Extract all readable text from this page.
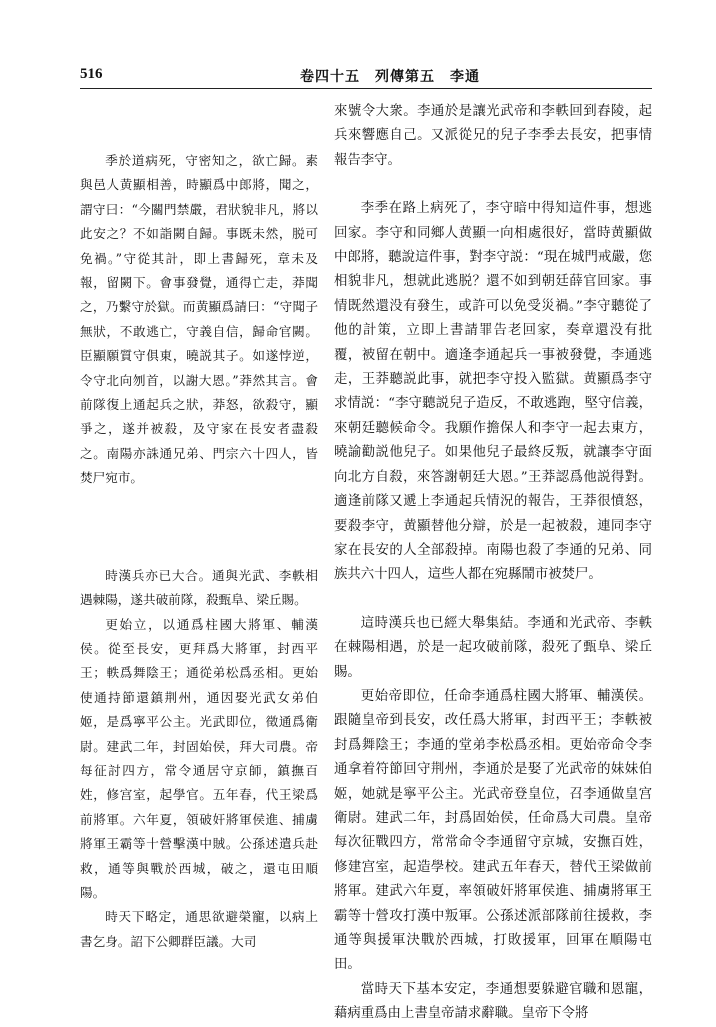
516	卷四十五　列傳第五　李通

季於道病死，守密知之，欲亡歸。素與邑人黄顯相善，時顯爲中郎將，聞之，謂守曰：“今關門禁嚴，君狀貌非凡，將以此安之？不如詣闕自歸。事既未然，脱可免禍。”守從其計，即上書歸死，章未及報，留闕下。會事發覺，通得亡走，莽聞之，乃繫守於獄。而黄顯爲請曰：“守聞子無狀，不敢逃亡，守義自信，歸命官闕。臣顯願質守俱東，曉説其子。如遂悖逆，令守北向刎首，以謝大恩。”莽然其言。會前隊復上通起兵之狀，莽怒，欲殺守，顯爭之，遂并被殺，及守家在長安者盡殺之。南陽亦誅通兄弟、門宗六十四人，皆焚尸宛市。

時漢兵亦已大合。通與光武、李軼相遇棘陽，遂共破前隊，殺甄阜、梁丘賜。

更始立，以通爲柱國大將軍、輔漢侯。從至長安，更拜爲大將軍，封西平王；軼爲舞陰王；通從弟松爲丞相。更始使通持節還鎮荆州，通因娶光武女弟伯姬，是爲寧平公主。光武即位，徵通爲衛尉。建武二年，封固始侯，拜大司農。帝每征討四方，常令通居守京師，鎮撫百姓，修宫室，起學官。五年春，代王梁爲前將軍。六年夏，領破奸將軍侯進、捕虜將軍王霸等十營擊漢中賊。公孫述遣兵赴救，通等與戰於西城，破之，還屯田順陽。

時天下略定，通思欲避榮寵，以病上書乞身。詔下公卿群臣議。大司

來號令大衆。李通於是讓光武帝和李軼回到舂陵，起兵來響應自己。又派從兄的兒子李季去長安，把事情報告李守。

李季在路上病死了，李守暗中得知這件事，想逃回家。李守和同鄉人黄顯一向相處很好，當時黄顯做中郎將，聽說這件事，對李守説：“現在城門戒嚴，您相貌非凡，想就此逃脱？還不如到朝廷薛官回家。事情既然還没有發生，或許可以免受災禍。”李守聽從了他的計策，立即上書請罪告老回家，奏章還没有批覆，被留在朝中。適逢李通起兵一事被發覺，李通逃走，王莽聽説此事，就把李守投入監獄。黄顯爲李守求情説：“李守聽説兒子造反，不敢逃跑，堅守信義，來朝廷聽候命令。我願作擔保人和李守一起去東方，曉諭勸説他兒子。如果他兒子最終反叛，就讓李守面向北方自殺，來答謝朝廷大恩。”王莽認爲他説得對。適逢前隊又遞上李通起兵情況的報告，王莽很憤怒，要殺李守，黄顯替他分辯，於是一起被殺，連同李守家在長安的人全部殺掉。南陽也殺了李通的兄弟、同族共六十四人，這些人都在宛縣鬧市被焚尸。

這時漢兵也已經大舉集結。李通和光武帝、李軼在棘陽相遇，於是一起攻破前隊，殺死了甄阜、梁丘賜。

更始帝即位，任命李通爲柱國大將軍、輔漢侯。跟隨皇帝到長安，改任爲大將軍，封西平王；李軼被封爲舞陰王；李通的堂弟李松爲丞相。更始帝命令李通拿着符節回守荆州，李通於是娶了光武帝的妹妹伯姬，她就是寧平公主。光武帝登皇位，召李通做皇宫衛尉。建武二年，封爲固始侯，任命爲大司農。皇帝每次征戰四方，常常命令李通留守京城，安撫百姓，修建宫室，起造學校。建武五年春天，替代王梁做前將軍。建武六年夏，率領破奸將軍侯進、捕虜將軍王霸等十營攻打漢中叛軍。公孫述派部隊前往援救，李通等與援軍決戰於西城，打敗援軍，回軍在順陽屯田。

當時天下基本安定，李通想要躲避官職和恩寵，藉病重爲由上書皇帝請求辭職。皇帝下令將
